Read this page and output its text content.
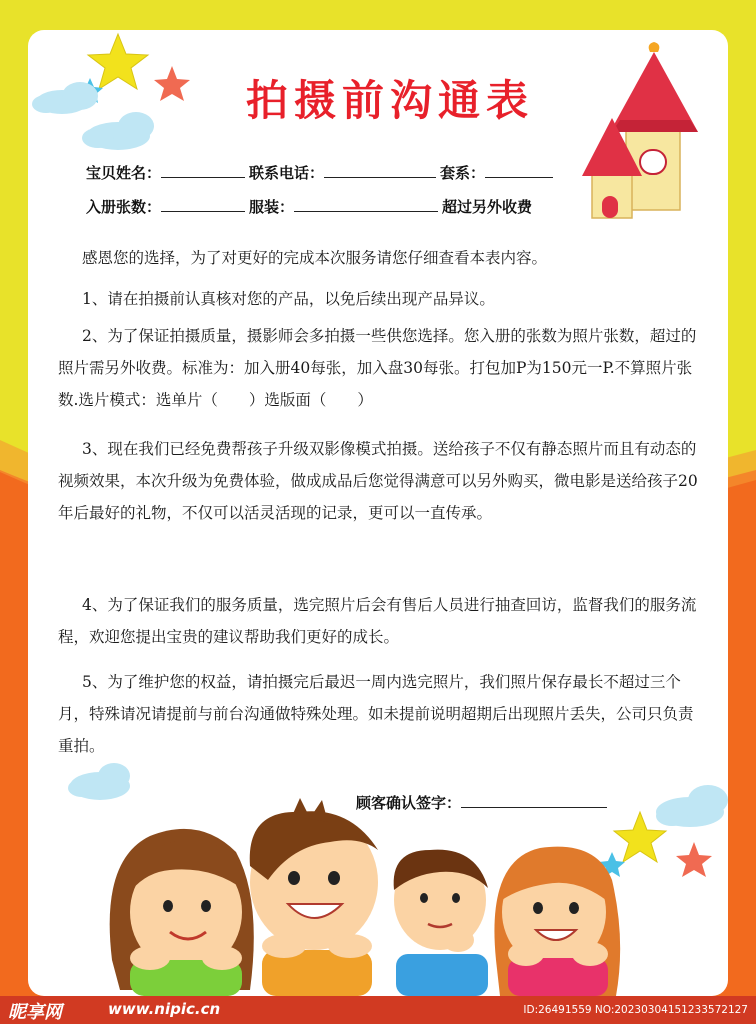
拍摄前沟通表
宝贝姓名：	联系电话：	套系：
入册张数：	服装：	超过另外收费
感恩您的选择，为了对更好的完成本次服务请您仔细查看本表内容。
1、请在拍摄前认真核对您的产品，以免后续出现产品异议。
2、为了保证拍摄质量，摄影师会多拍摄一些供您选择。您入册的张数为照片张数，超过的照片需另外收费。标准为：加入册40每张，加入盘30每张。打包加P为150元一P.不算照片张数.选片模式：选单片（　　）选版面（　　）
3、现在我们已经免费帮孩子升级双影像模式拍摄。送给孩子不仅有静态照片而且有动态的视频效果，本次升级为免费体验，做成成品后您觉得满意可以另外购买，微电影是送给孩子20年后最好的礼物，不仅可以活灵活现的记录，更可以一直传承。
4、为了保证我们的服务质量，选完照片后会有售后人员进行抽查回访，监督我们的服务流程，欢迎您提出宝贵的建议帮助我们更好的成长。
5、为了维护您的权益，请拍摄完后最迟一周内选完照片，我们照片保存最长不超过三个月，特殊请况请提前与前台沟通做特殊处理。如未提前说明超期后出现照片丢失，公司只负责重拍。
顾客确认签字：
昵享网	www.nipic.cn	ID:26491559 NO:20230304151233572127
